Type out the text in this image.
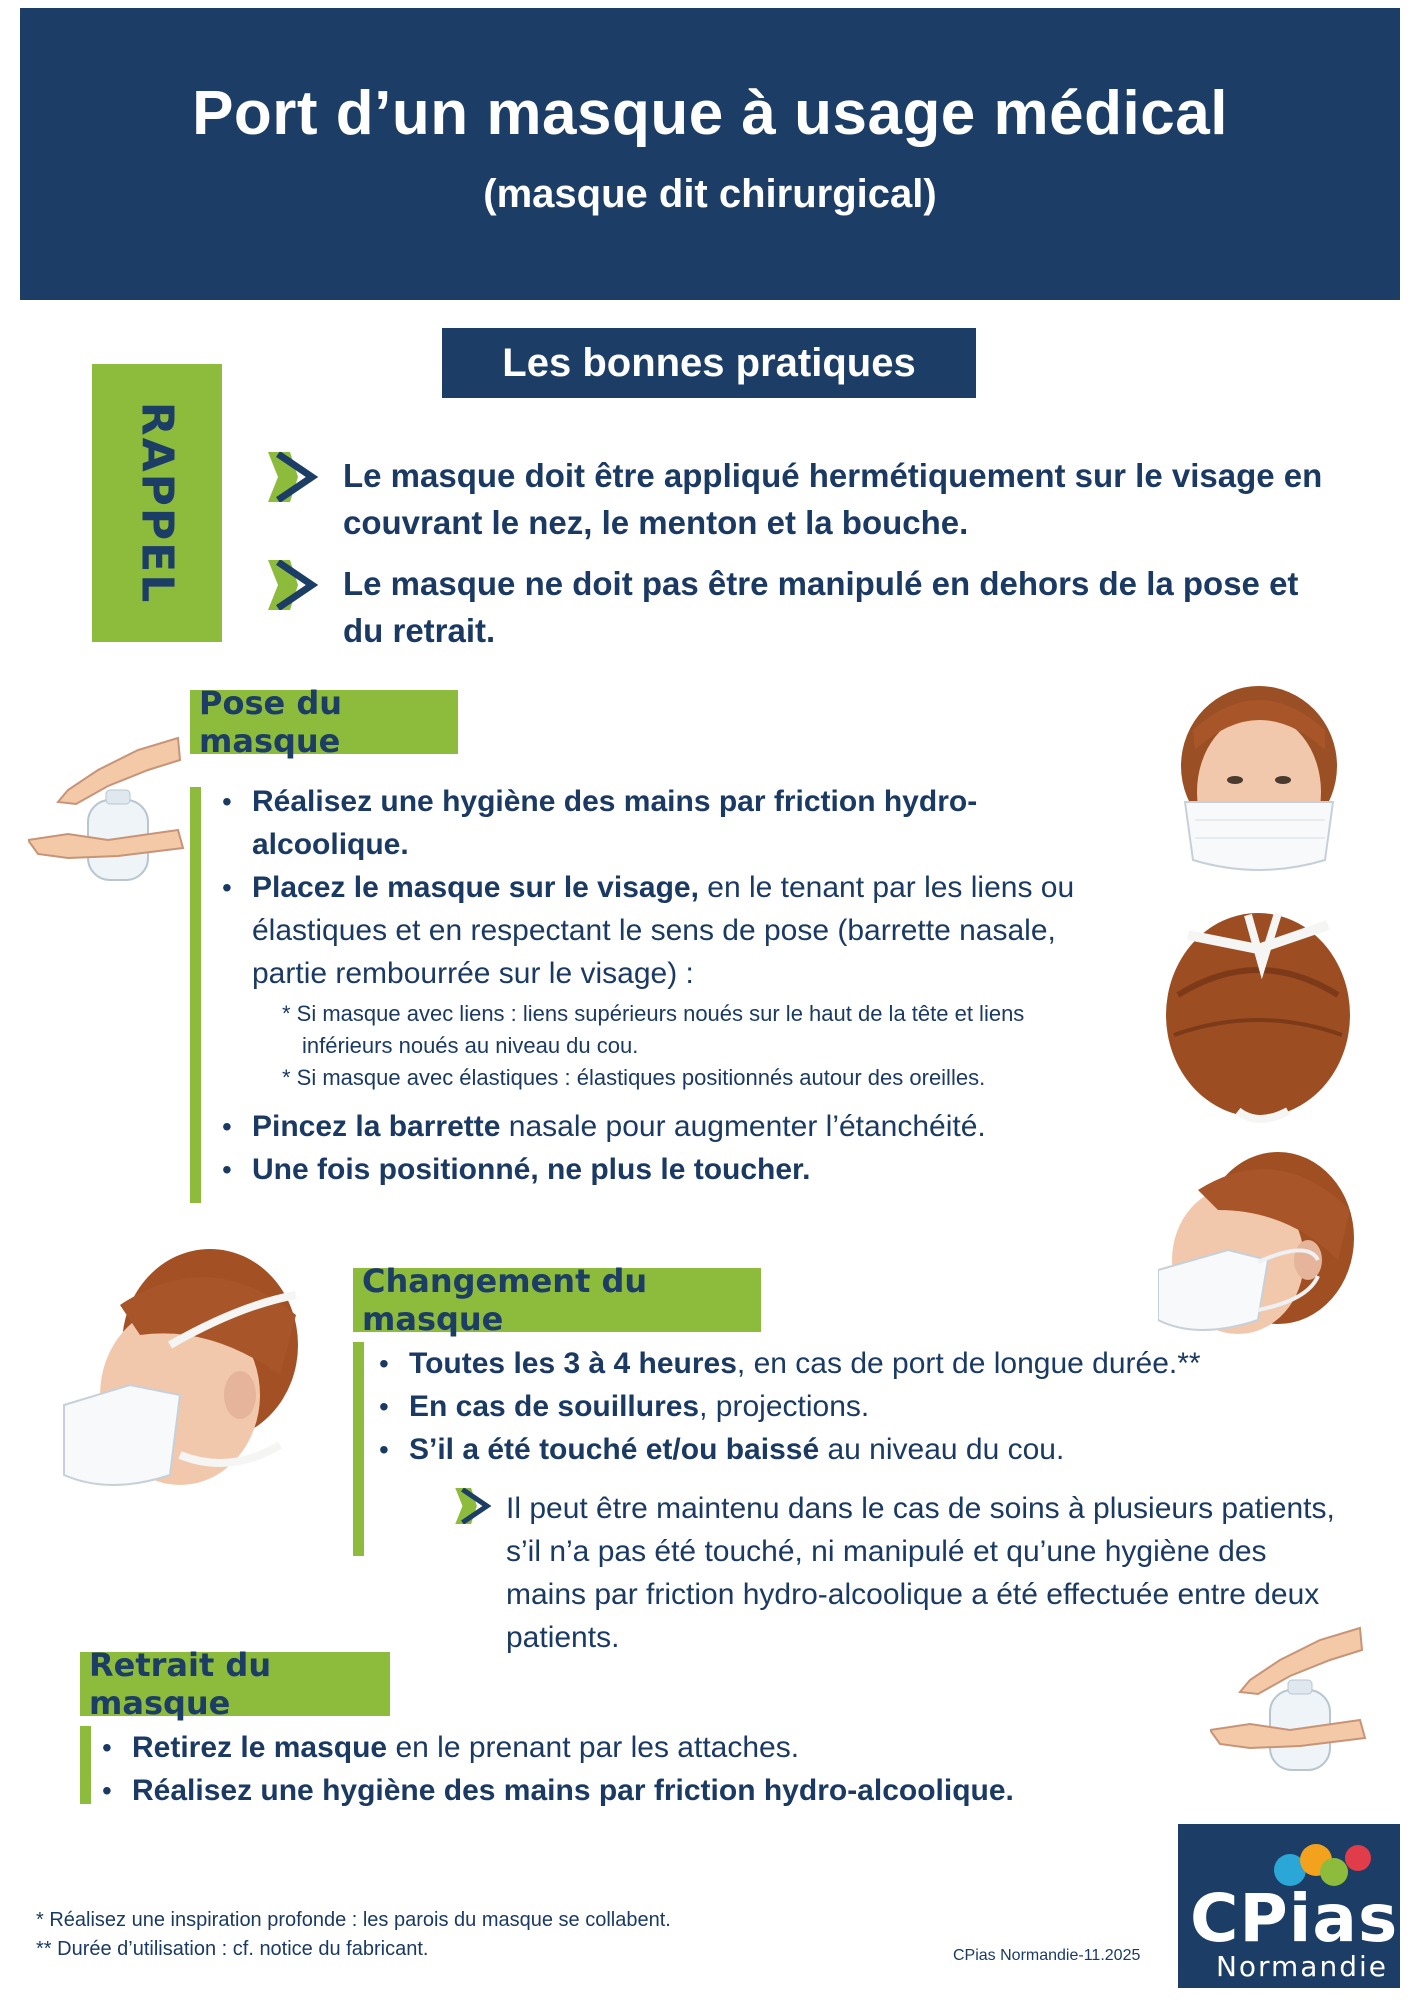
Port d’un masque à usage médical
(masque dit chirurgical)
Les bonnes pratiques
RAPPEL	Le masque doit être appliqué hermétiquement sur le visage en
couvrant le nez, le menton et la bouche.
Le masque ne doit pas être manipulé en dehors de la pose et
du retrait.
Pose du masque
• Réalisez une hygiène des mains par friction hydro-
alcoolique.
• Placez le masque sur le visage, en le tenant par les liens ou
élastiques et en respectant le sens de pose (barrette nasale,
partie rembourrée sur le visage) :
* Si masque avec liens : liens supérieurs noués sur le haut de la tête et liens
inférieurs noués au niveau du cou.
* Si masque avec élastiques : élastiques positionnés autour des oreilles.
• Pincez la barrette nasale pour augmenter l’étanchéité.
• Une fois positionné, ne plus le toucher.
Changement du masque
• Toutes les 3 à 4 heures, en cas de port de longue durée.**
• En cas de souillures, projections.
• S’il a été touché et/ou baissé au niveau du cou.
Il peut être maintenu dans le cas de soins à plusieurs patients,
s’il n’a pas été touché, ni manipulé et qu’une hygiène des
mains par friction hydro-alcoolique a été effectuée entre deux
patients.
Retrait du masque
• Retirez le masque en le prenant par les attaches.
• Réalisez une hygiène des mains par friction hydro-alcoolique.
* Réalisez une inspiration profonde : les parois du masque se collabent.
** Durée d’utilisation : cf. notice du fabricant.	CPias Normandie-11.2025 CPias
Normandie
